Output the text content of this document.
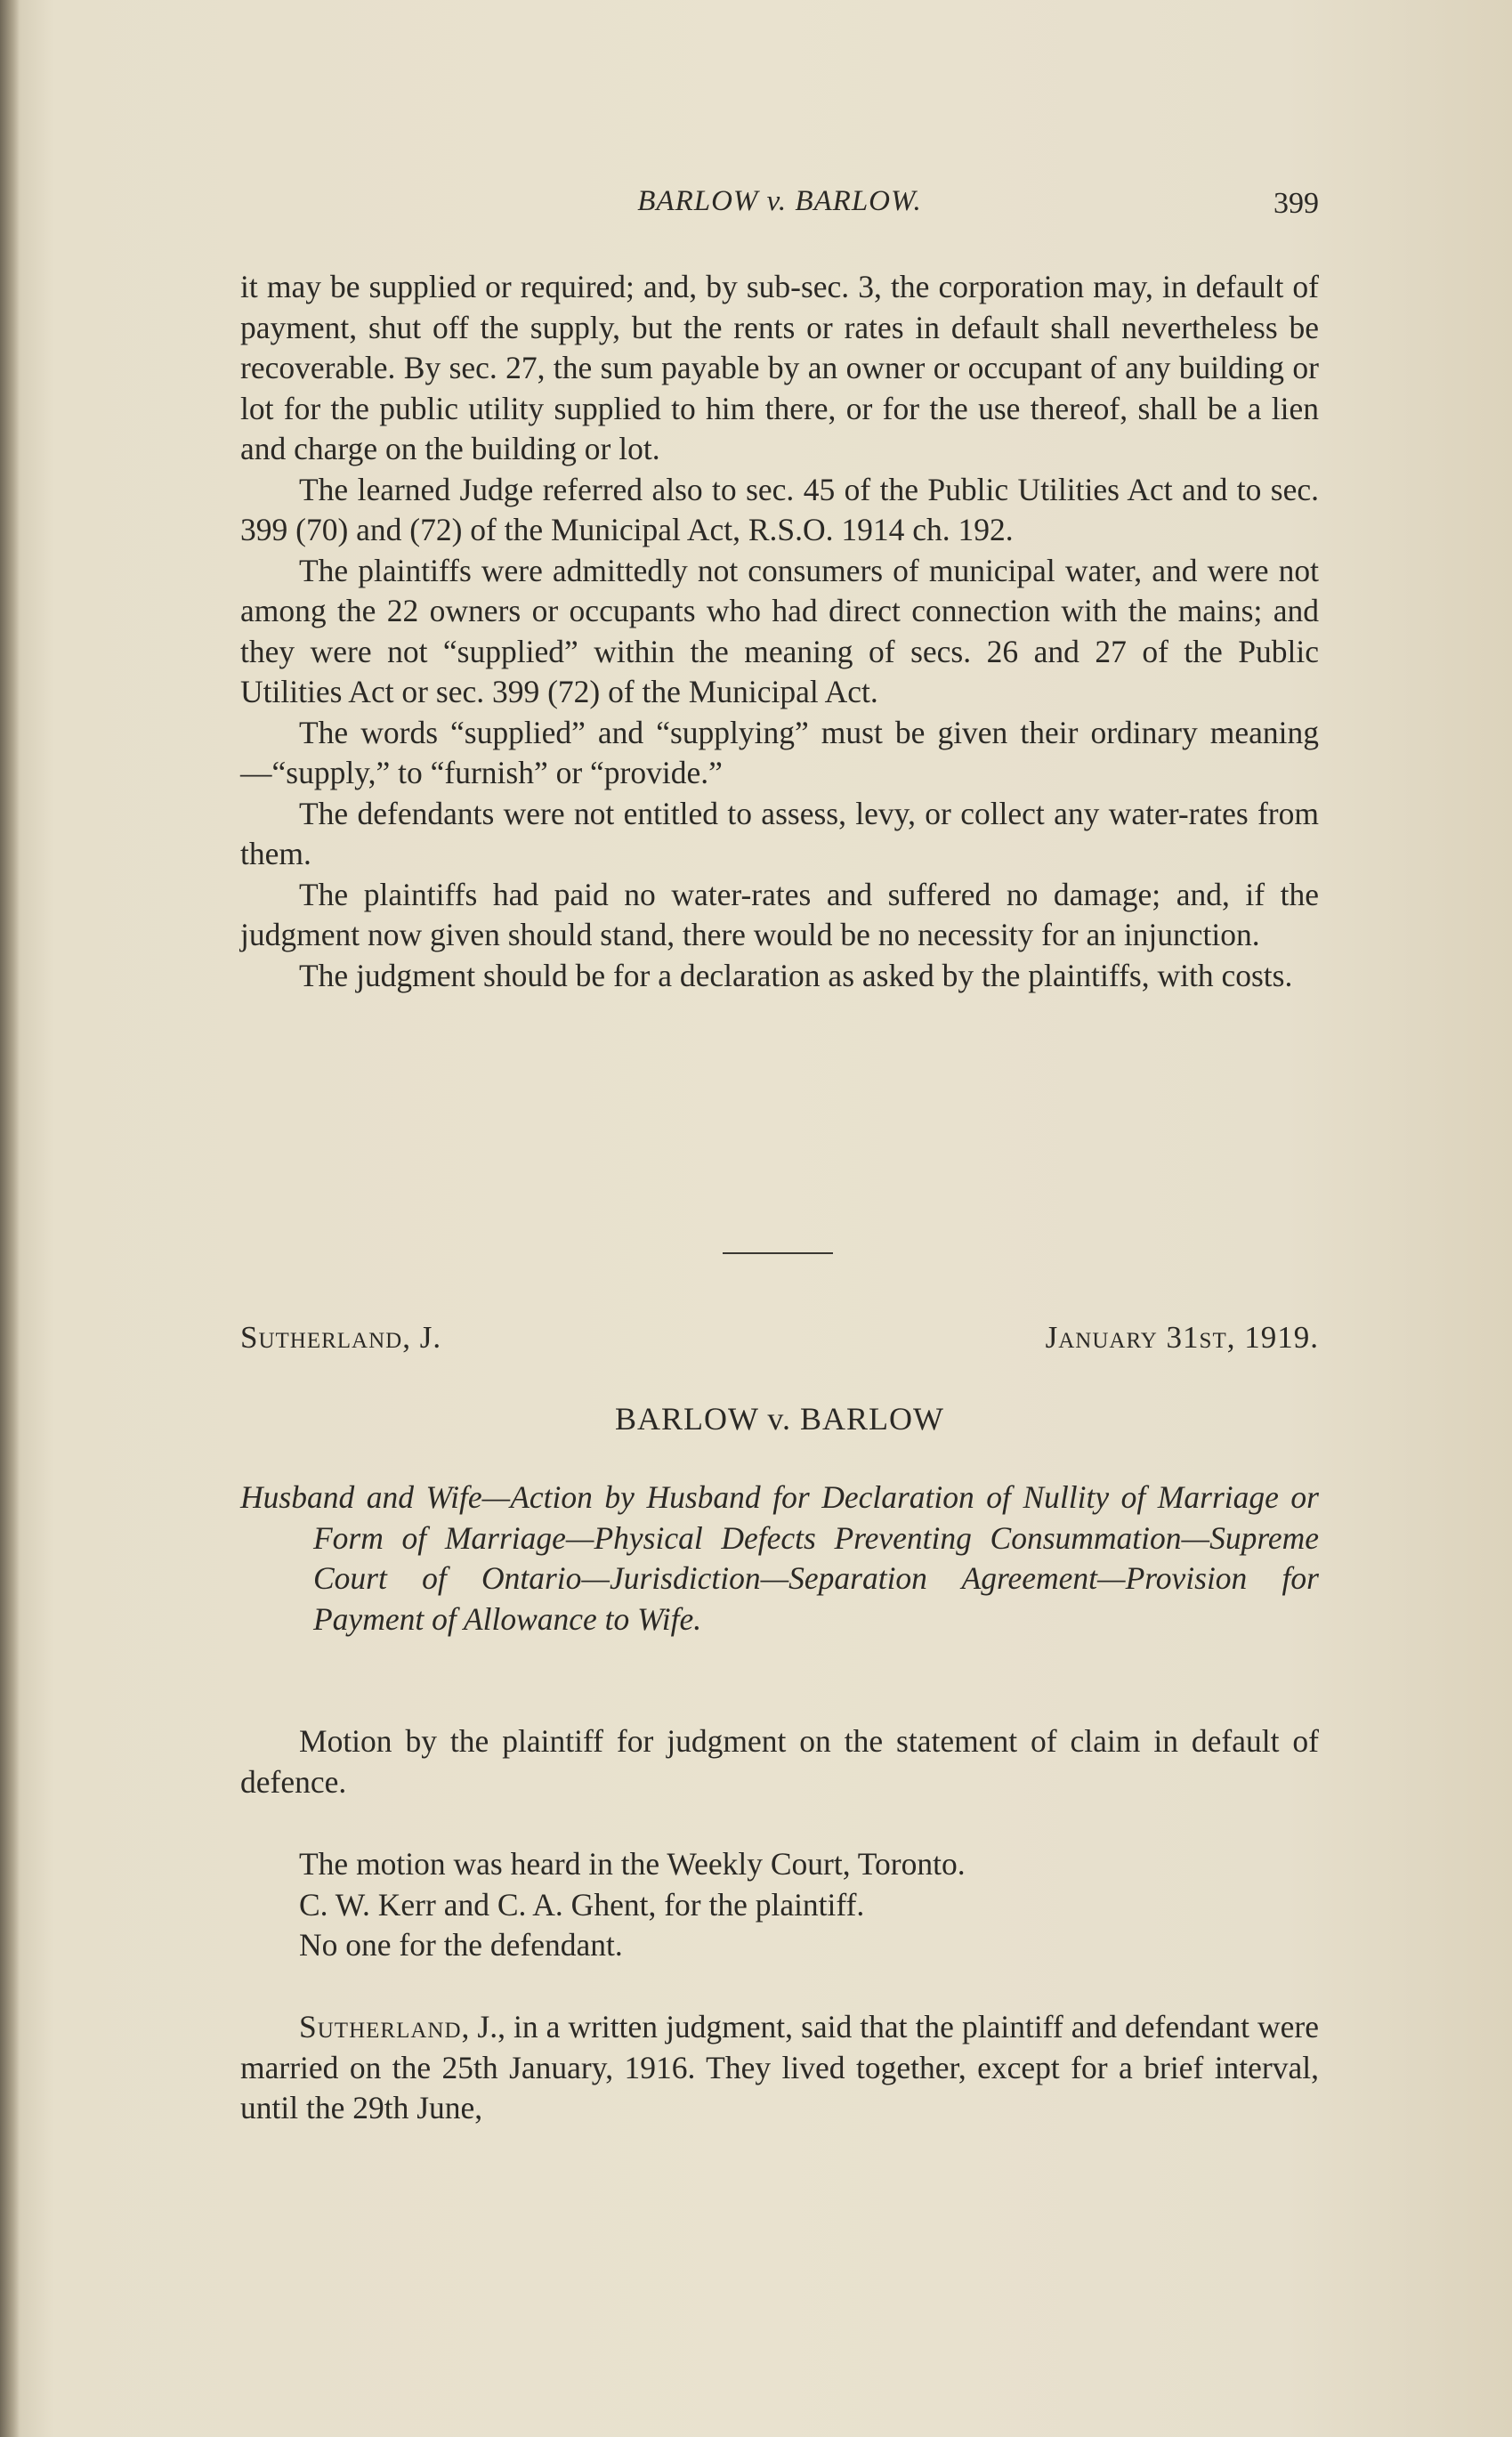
BARLOW v. BARLOW.	399

it may be supplied or required; and, by sub-sec. 3, the corporation may, in default of payment, shut off the supply, but the rents or rates in default shall nevertheless be recoverable. By sec. 27, the sum payable by an owner or occupant of any building or lot for the public utility supplied to him there, or for the use thereof, shall be a lien and charge on the building or lot.

The learned Judge referred also to sec. 45 of the Public Utilities Act and to sec. 399 (70) and (72) of the Municipal Act, R.S.O. 1914 ch. 192.

The plaintiffs were admittedly not consumers of municipal water, and were not among the 22 owners or occupants who had direct connection with the mains; and they were not “supplied” within the meaning of secs. 26 and 27 of the Public Utilities Act or sec. 399 (72) of the Municipal Act.

The words “supplied” and “supplying” must be given their ordinary meaning—“supply,” to “furnish” or “provide.”

The defendants were not entitled to assess, levy, or collect any water-rates from them.

The plaintiffs had paid no water-rates and suffered no damage; and, if the judgment now given should stand, there would be no necessity for an injunction.

The judgment should be for a declaration as asked by the plaintiffs, with costs.

Sutherland, J.	January 31st, 1919.
BARLOW v. BARLOW
Husband and Wife—Action by Husband for Declaration of Nullity of Marriage or Form of Marriage—Physical Defects Preventing Consummation—Supreme Court of Ontario—Jurisdiction—Separation Agreement—Provision for Payment of Allowance to Wife.

Motion by the plaintiff for judgment on the statement of claim in default of defence.

The motion was heard in the Weekly Court, Toronto.
C. W. Kerr and C. A. Ghent, for the plaintiff.
No one for the defendant.

Sutherland, J., in a written judgment, said that the plaintiff and defendant were married on the 25th January, 1916. They lived together, except for a brief interval, until the 29th June,
